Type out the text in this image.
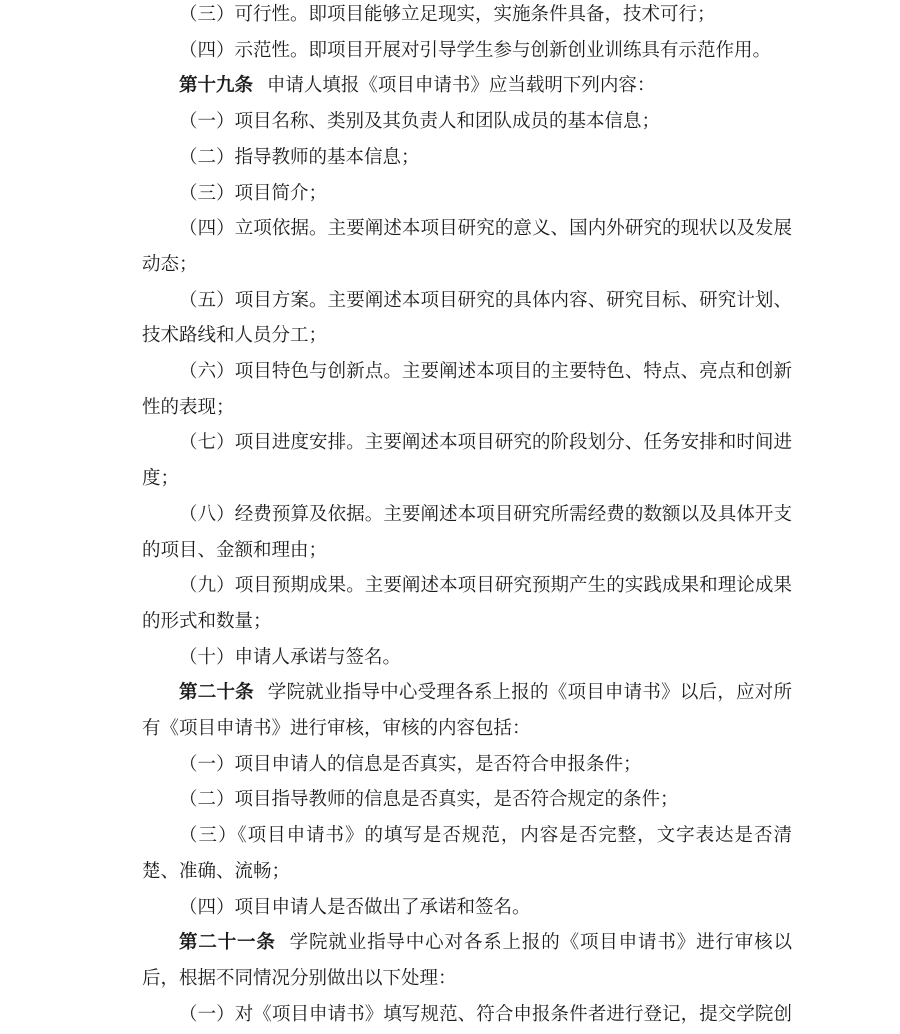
（三）可行性。即项目能够立足现实，实施条件具备，技术可行；

（四）示范性。即项目开展对引导学生参与创新创业训练具有示范作用。

第十九条 申请人填报《项目申请书》应当载明下列内容：

（一）项目名称、类别及其负责人和团队成员的基本信息；

（二）指导教师的基本信息；

（三）项目简介；

（四）立项依据。主要阐述本项目研究的意义、国内外研究的现状以及发展动态；

（五）项目方案。主要阐述本项目研究的具体内容、研究目标、研究计划、技术路线和人员分工；

（六）项目特色与创新点。主要阐述本项目的主要特色、特点、亮点和创新性的表现；

（七）项目进度安排。主要阐述本项目研究的阶段划分、任务安排和时间进度；

（八）经费预算及依据。主要阐述本项目研究所需经费的数额以及具体开支的项目、金额和理由；

（九）项目预期成果。主要阐述本项目研究预期产生的实践成果和理论成果的形式和数量；

（十）申请人承诺与签名。

第二十条 学院就业指导中心受理各系上报的《项目申请书》以后，应对所有《项目申请书》进行审核，审核的内容包括：

（一）项目申请人的信息是否真实，是否符合申报条件；

（二）项目指导教师的信息是否真实，是否符合规定的条件；

（三）《项目申请书》的填写是否规范，内容是否完整，文字表达是否清楚、准确、流畅；

（四）项目申请人是否做出了承诺和签名。

第二十一条 学院就业指导中心对各系上报的《项目申请书》进行审核以后，根据不同情况分别做出以下处理：

（一）对《项目申请书》填写规范、符合申报条件者进行登记，提交学院创
